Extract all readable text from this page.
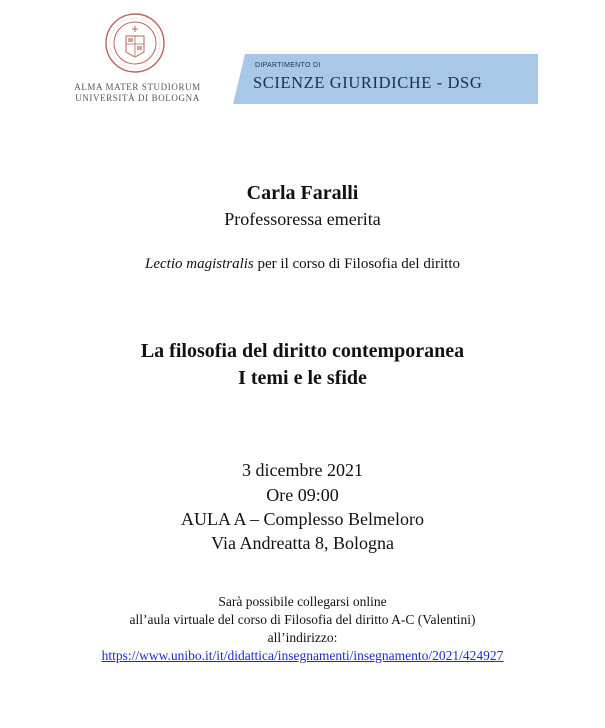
ALMA MATER STUDIORUM
UNIVERSITÀ DI BOLOGNA
DIPARTIMENTO DI
SCIENZE GIURIDICHE - DSG
Carla Faralli
Professoressa emerita
Lectio magistralis per il corso di Filosofia del diritto
La filosofia del diritto contemporanea
I temi e le sfide
3 dicembre 2021
Ore 09:00
AULA A – Complesso Belmeloro
Via Andreatta 8, Bologna
Sarà possibile collegarsi online
all’aula virtuale del corso di Filosofia del diritto A-C (Valentini)
all’indirizzo:
https://www.unibo.it/it/didattica/insegnamenti/insegnamento/2021/424927
